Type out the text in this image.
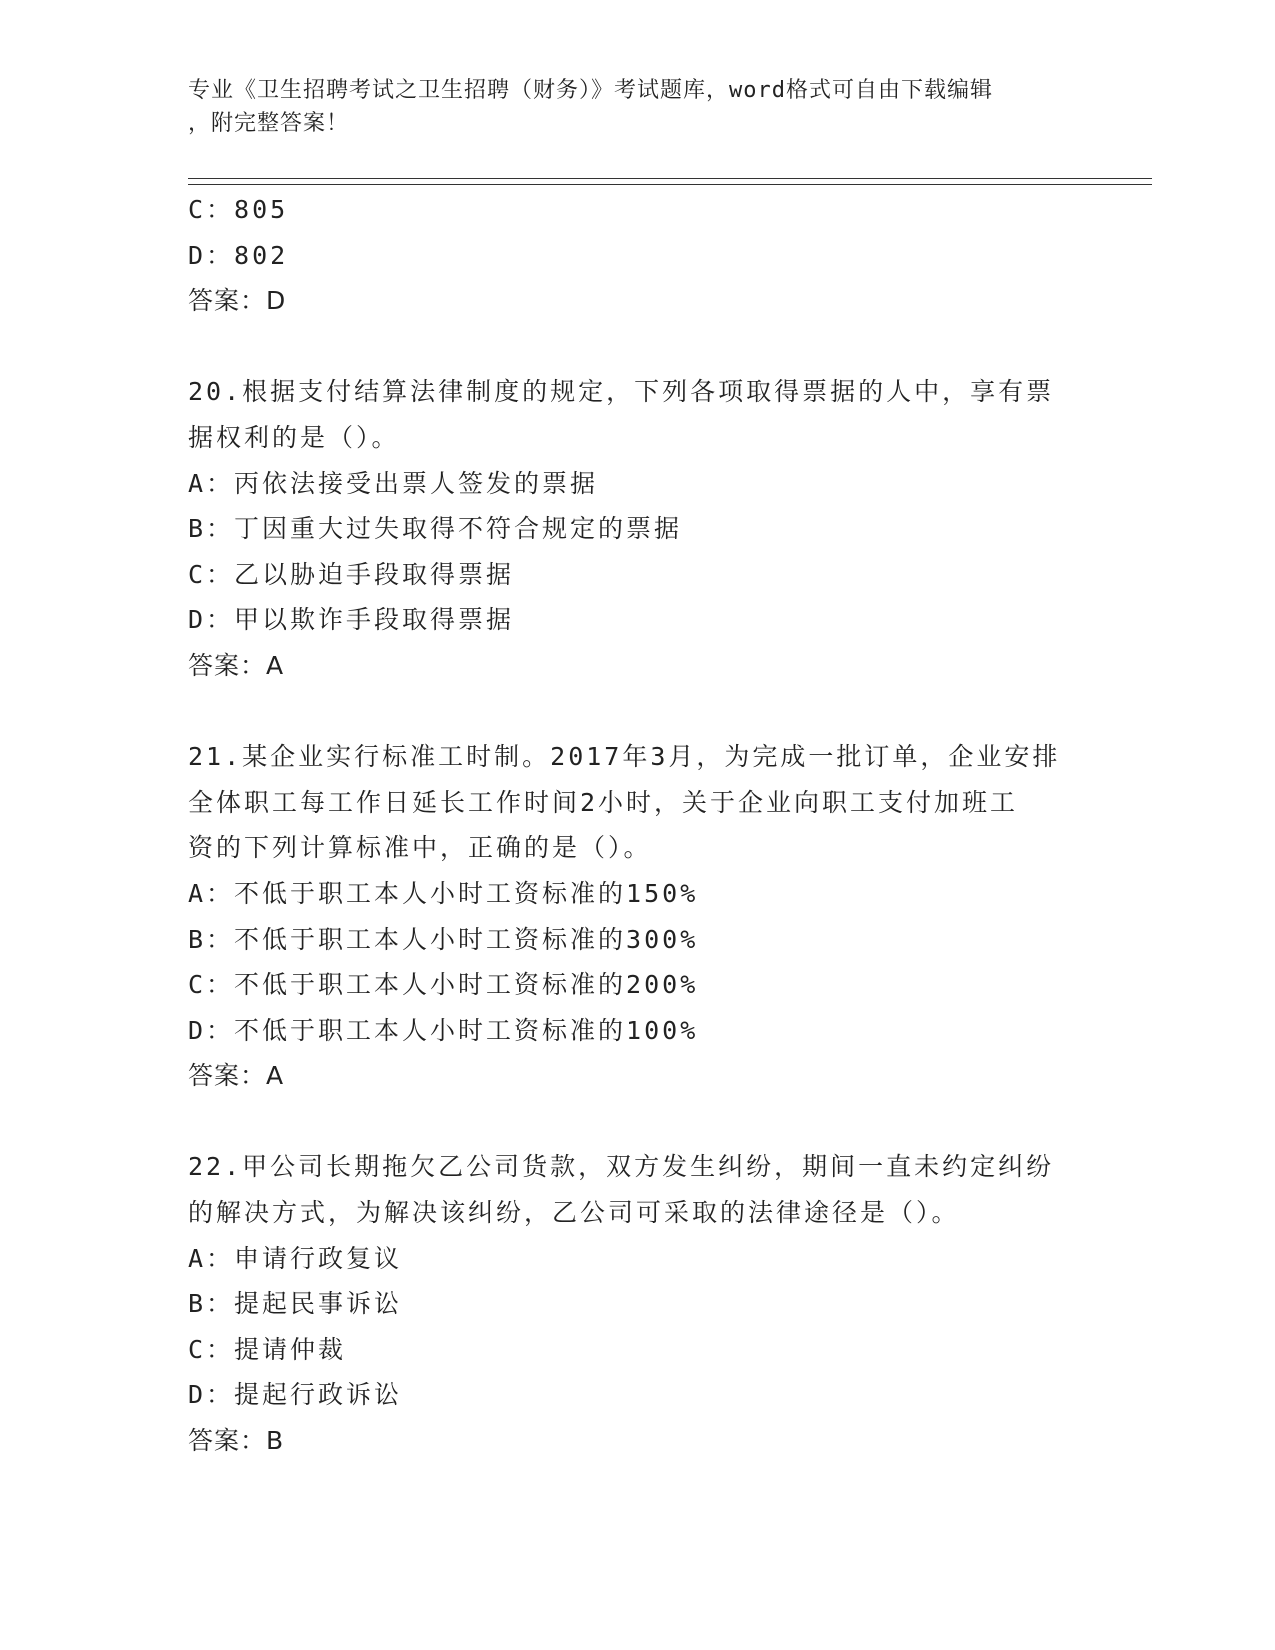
专业《卫生招聘考试之卫生招聘（财务）》考试题库，word格式可自由下载编辑
，附完整答案！
C：805
D：802
答案：D
20.根据支付结算法律制度的规定，下列各项取得票据的人中，享有票
据权利的是（）。
A：丙依法接受出票人签发的票据
B：丁因重大过失取得不符合规定的票据
C：乙以胁迫手段取得票据
D：甲以欺诈手段取得票据
答案：A
21.某企业实行标准工时制。2017年3月，为完成一批订单，企业安排
全体职工每工作日延长工作时间2小时，关于企业向职工支付加班工
资的下列计算标准中，正确的是（）。
A：不低于职工本人小时工资标准的150%
B：不低于职工本人小时工资标准的300%
C：不低于职工本人小时工资标准的200%
D：不低于职工本人小时工资标准的100%
答案：A
22.甲公司长期拖欠乙公司货款，双方发生纠纷，期间一直未约定纠纷
的解决方式，为解决该纠纷，乙公司可采取的法律途径是（）。
A：申请行政复议
B：提起民事诉讼
C：提请仲裁
D：提起行政诉讼
答案：B
